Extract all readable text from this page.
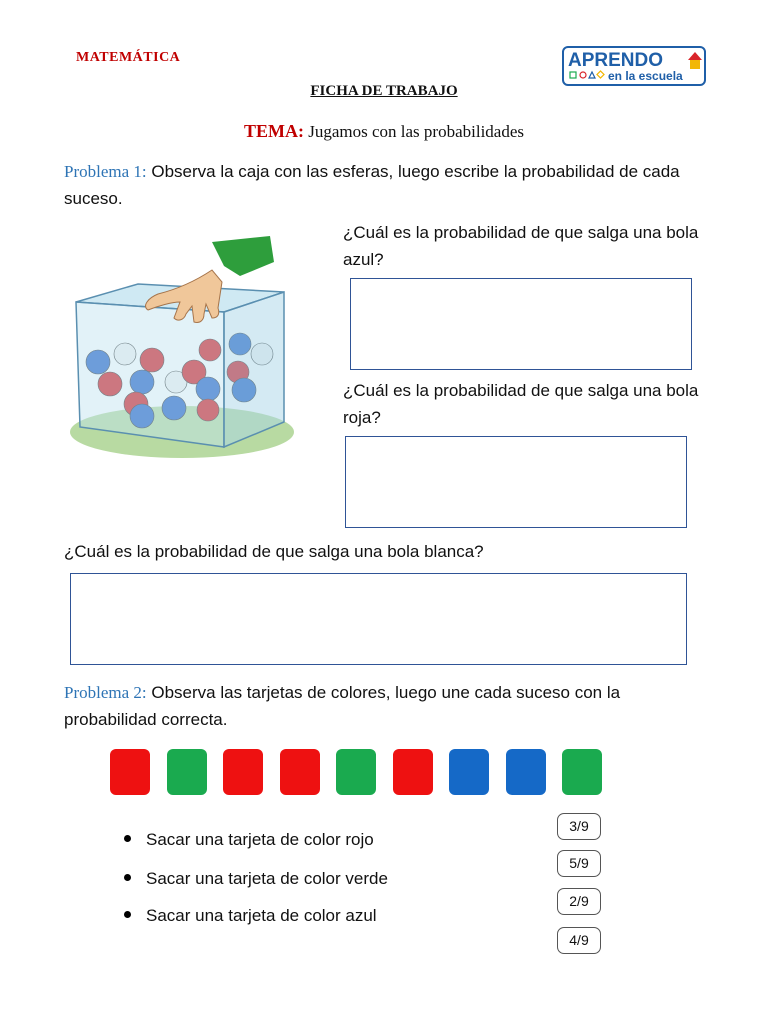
MATEMÁTICA	APRENDO
en la escuela
FICHA DE TRABAJO
TEMA: Jugamos con las probabilidades
Problema 1: Observa la caja con las esferas, luego escribe la probabilidad de cada suceso.
¿Cuál es la probabilidad de que salga una bola azul?
¿Cuál es la probabilidad de que salga una bola roja?
¿Cuál es la probabilidad de que salga una bola blanca?
Problema 2: Observa las tarjetas de colores, luego une cada suceso con la probabilidad correcta.
Sacar una tarjeta de color rojo
Sacar una tarjeta de color verde
Sacar una tarjeta de color azul
3/9
5/9
2/9
4/9
